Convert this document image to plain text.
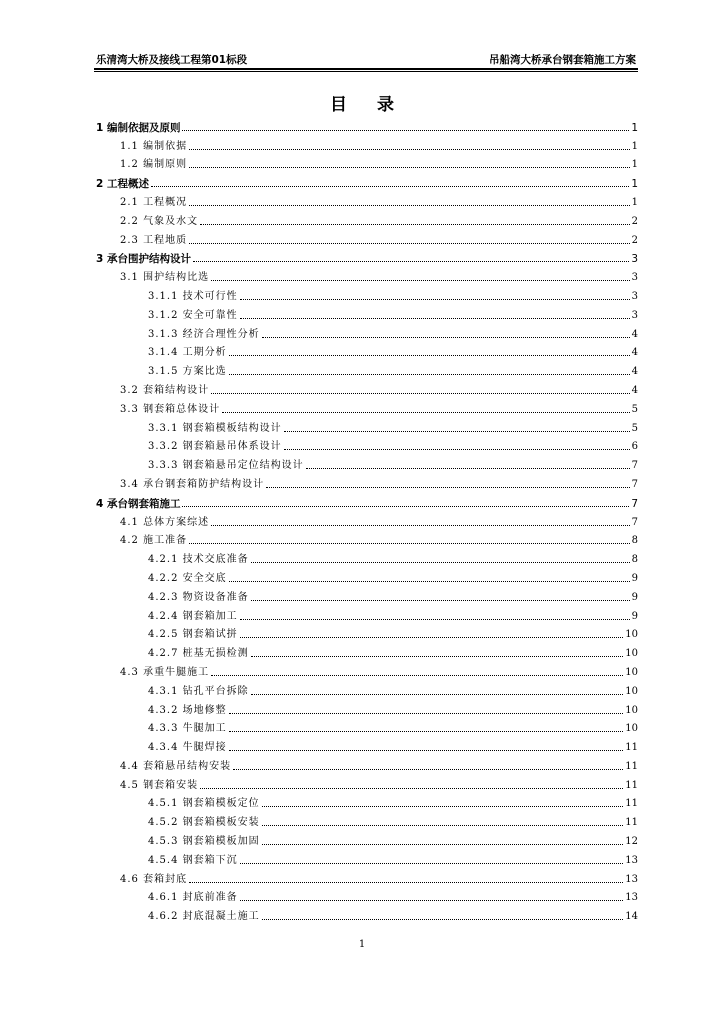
乐清湾大桥及接线工程第01标段	吊船湾大桥承台钢套箱施工方案
目录
1 编制依据及原则	1
1.1 编制依据	1
1.2 编制原则	1
2 工程概述	1
2.1 工程概况	1
2.2 气象及水文	2
2.3 工程地质	2
3 承台围护结构设计	3
3.1 围护结构比选	3
3.1.1 技术可行性	3
3.1.2 安全可靠性	3
3.1.3 经济合理性分析	4
3.1.4 工期分析	4
3.1.5 方案比选	4
3.2 套箱结构设计	4
3.3 钢套箱总体设计	5
3.3.1 钢套箱模板结构设计	5
3.3.2 钢套箱悬吊体系设计	6
3.3.3 钢套箱悬吊定位结构设计	7
3.4 承台钢套箱防护结构设计	7
4 承台钢套箱施工	7
4.1 总体方案综述	7
4.2 施工准备	8
4.2.1 技术交底准备	8
4.2.2 安全交底	9
4.2.3 物资设备准备	9
4.2.4 钢套箱加工	9
4.2.5 钢套箱试拼	10
4.2.7 桩基无损检测	10
4.3 承重牛腿施工	10
4.3.1 钻孔平台拆除	10
4.3.2 场地修整	10
4.3.3 牛腿加工	10
4.3.4 牛腿焊接	11
4.4 套箱悬吊结构安装	11
4.5 钢套箱安装	11
4.5.1 钢套箱模板定位	11
4.5.2 钢套箱模板安装	11
4.5.3 钢套箱模板加固	12
4.5.4 钢套箱下沉	13
4.6 套箱封底	13
4.6.1 封底前准备	13
4.6.2 封底混凝土施工	14
1
